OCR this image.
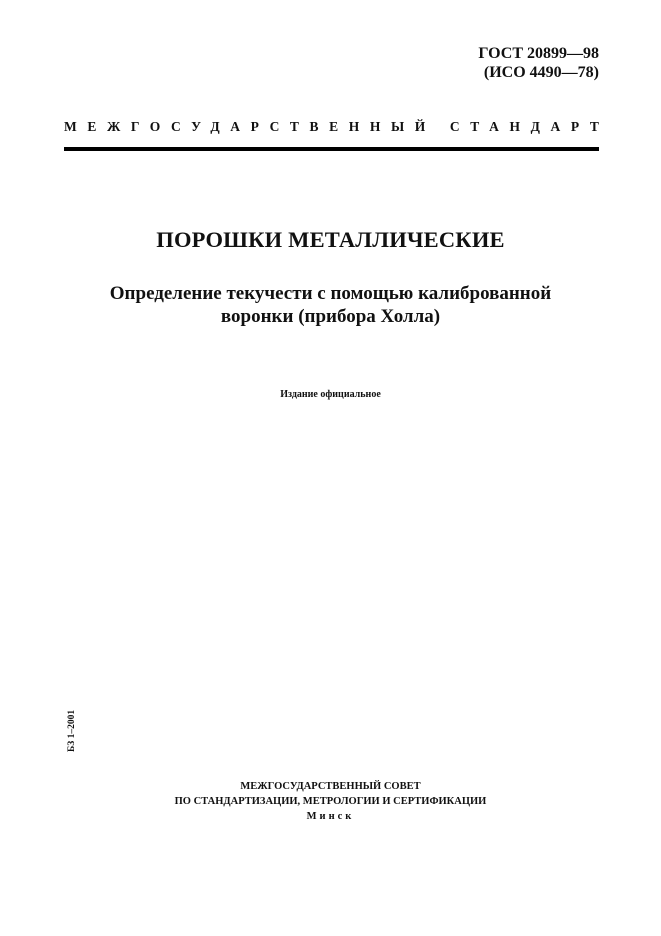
ГОСТ 20899—98
(ИСО 4490—78)
МЕЖГОСУДАРСТВЕННЫЙ СТАНДАРТ
ПОРОШКИ МЕТАЛЛИЧЕСКИЕ
Определение текучести с помощью калиброванной
воронки (прибора Холла)
Издание официальное
БЗ 1–2001
МЕЖГОСУДАРСТВЕННЫЙ СОВЕТ
ПО СТАНДАРТИЗАЦИИ, МЕТРОЛОГИИ И СЕРТИФИКАЦИИ
Минск
